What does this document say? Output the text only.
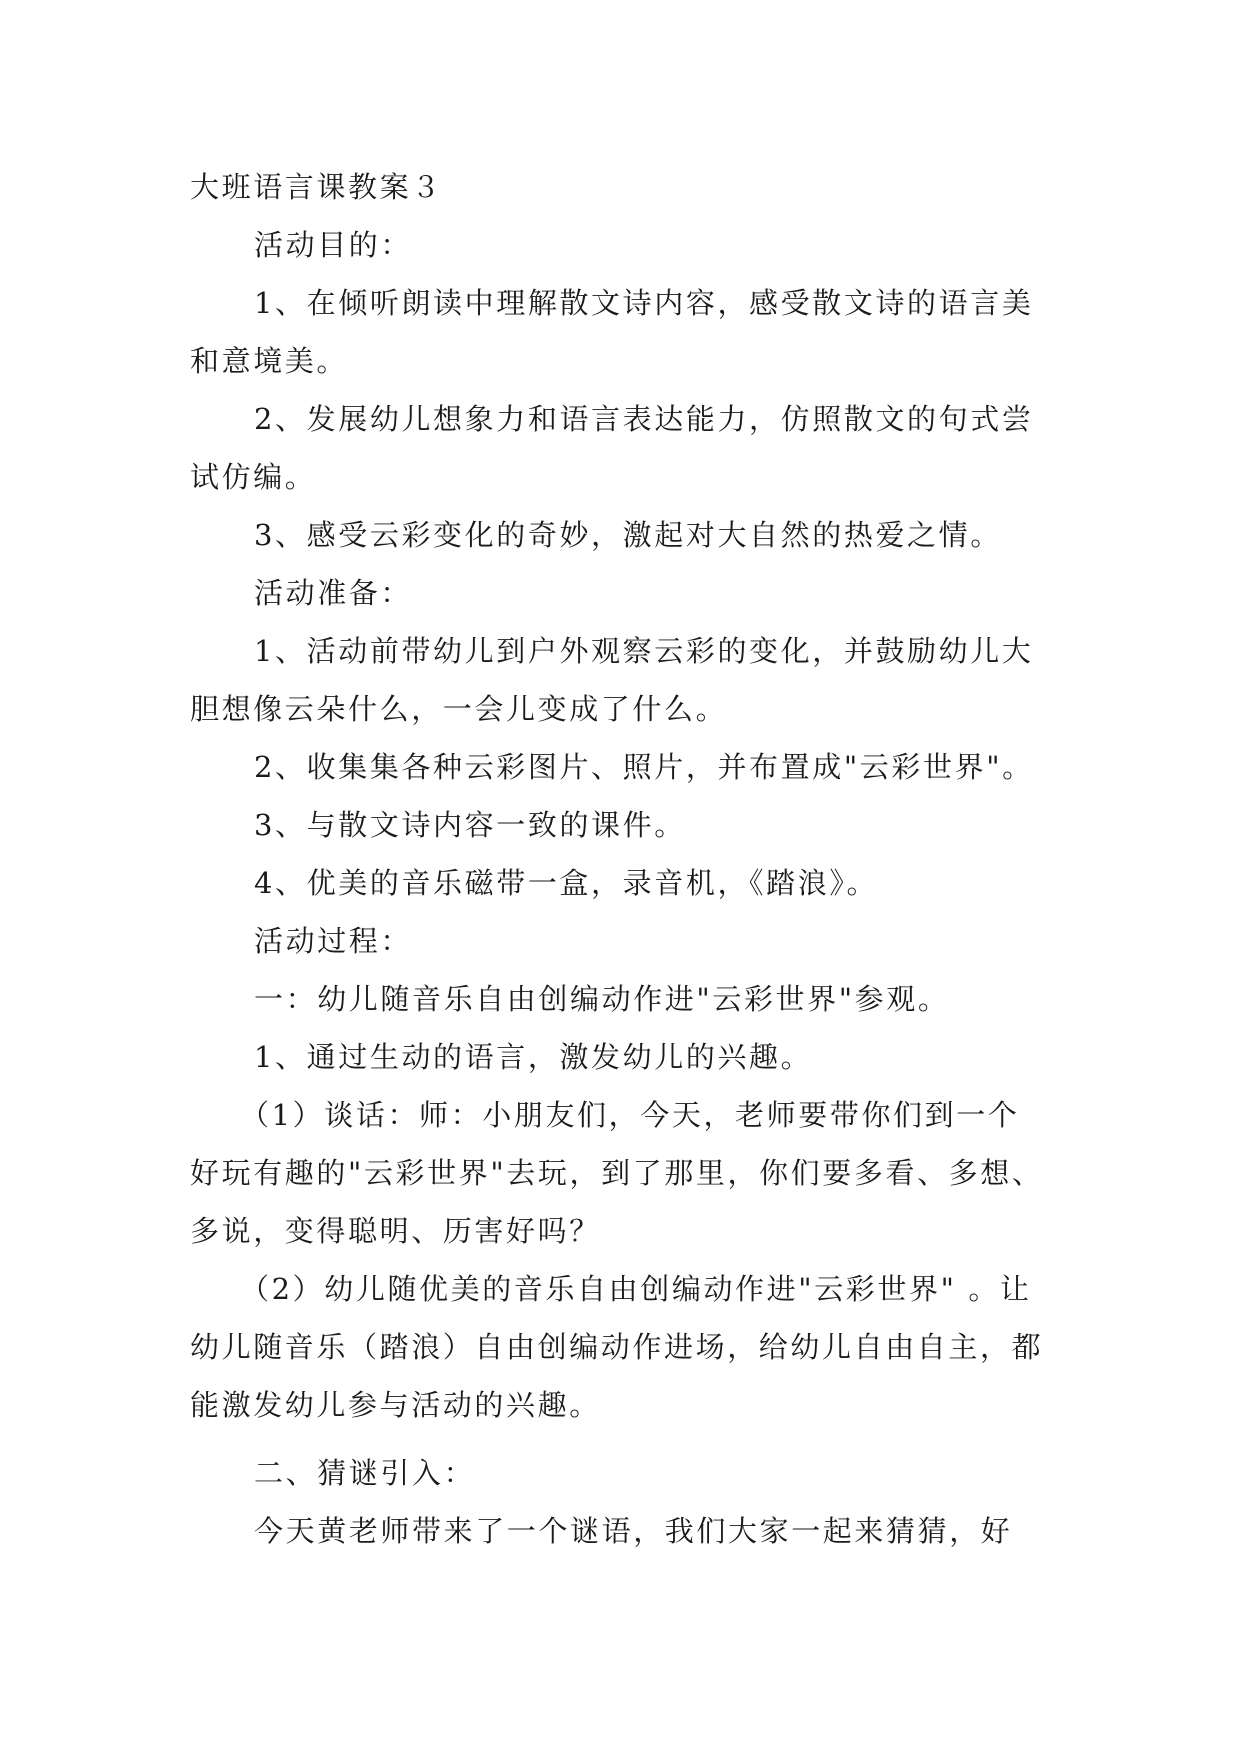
大班语言课教案３

活动目的：

1、在倾听朗读中理解散文诗内容，感受散文诗的语言美和意境美。

2、发展幼儿想象力和语言表达能力，仿照散文的句式尝试仿编。

3、感受云彩变化的奇妙，激起对大自然的热爱之情。

活动准备：

1、活动前带幼儿到户外观察云彩的变化，并鼓励幼儿大胆想像云朵什么，一会儿变成了什么。

2、收集集各种云彩图片、照片，并布置成"云彩世界"。

3、与散文诗内容一致的课件。

4、优美的音乐磁带一盒，录音机，《踏浪》。

活动过程：

一：幼儿随音乐自由创编动作进"云彩世界"参观。

1、通过生动的语言，激发幼儿的兴趣。

（1）谈话：师：小朋友们，今天，老师要带你们到一个好玩有趣的"云彩世界"去玩，到了那里，你们要多看、多想、多说，变得聪明、历害好吗？

（2）幼儿随优美的音乐自由创编动作进"云彩世界" 。让幼儿随音乐（踏浪）自由创编动作进场，给幼儿自由自主，都能激发幼儿参与活动的兴趣。

二、猜谜引入：

今天黄老师带来了一个谜语，我们大家一起来猜猜，好
